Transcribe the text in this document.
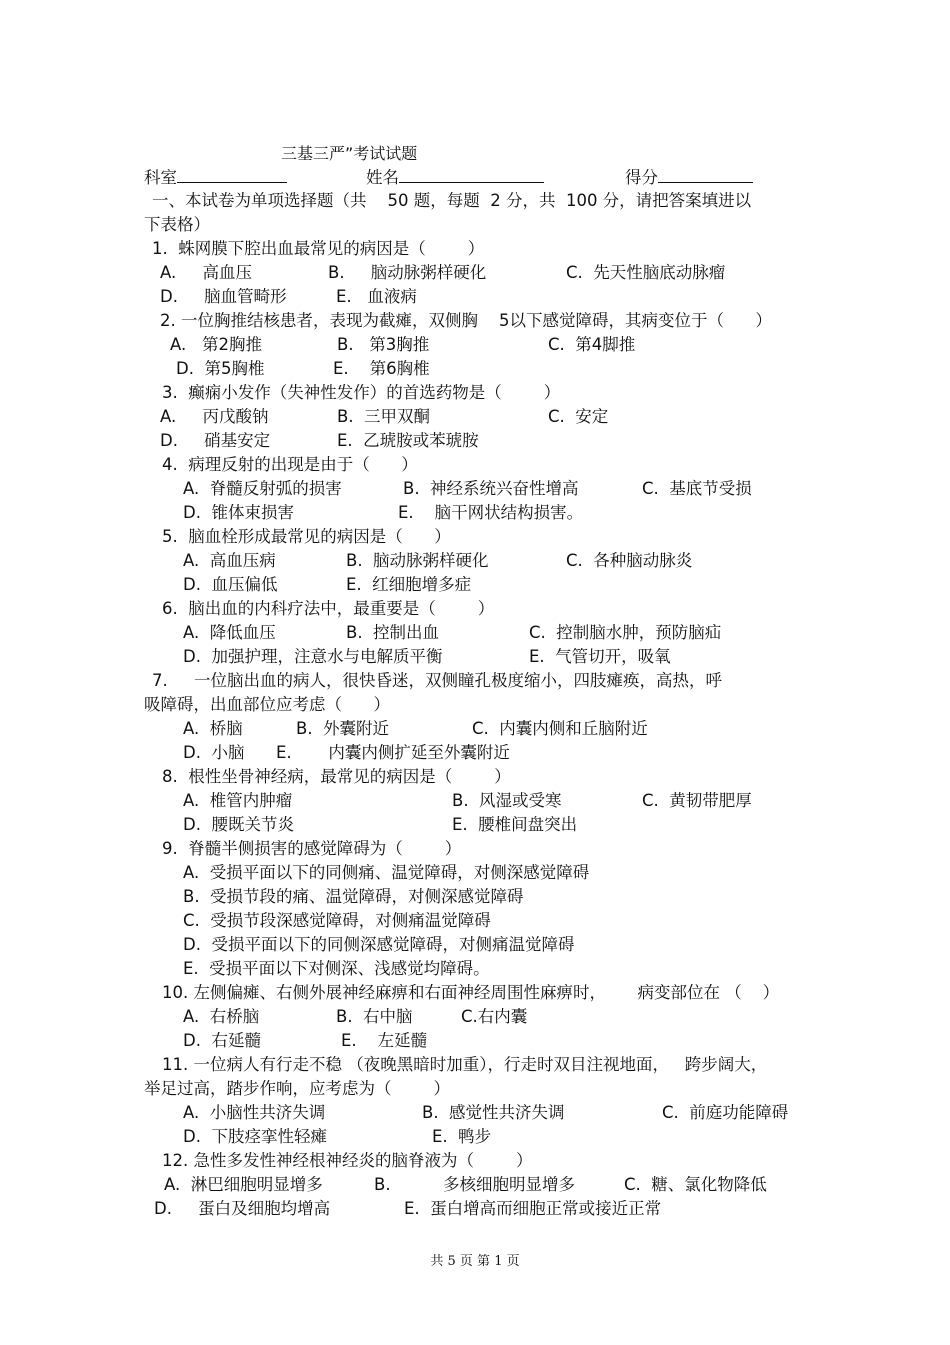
三基三严”考试试题
科室	姓名	得分
一、本试卷为单项选择题（共    50 题，每题  2 分，共  100 分，请把答案填进以
下表格）
1.  蛛网膜下腔出血最常见的病因是（        ）
A.     高血压	B.     脑动脉粥样硬化	C.  先天性脑底动脉瘤
D.     脑血管畸形	E.   血液病
2. 一位胸推结核患者，表现为截瘫，双侧胸    5以下感觉障碍，其病变位于（      ）
A.   第2胸推	B.   第3胸推	C.  第4脚推
D.  第5胸椎	E.    第6胸椎
3.  癫痫小发作（失神性发作）的首选药物是（        ）
A.     丙戊酸钠	B.  三甲双酮	C.  安定
D.     硝基安定	E.  乙琥胺或苯琥胺
4.  病理反射的出现是由于（      ）
A.  脊髓反射弧的损害	B.  神经系统兴奋性增高	C.  基底节受损
D.  锥体束损害	E.    脑干网状结构损害。
5.  脑血栓形成最常见的病因是（      ）
A.  高血压病	B.  脑动脉粥样硬化	C.  各种脑动脉炎
D.  血压偏低	E.  红细胞增多症
6.  脑出血的内科疗法中，最重要是（        ）
A.  降低血压	B.  控制出血	C.  控制脑水肿，预防脑疝
D.  加强护理，注意水与电解质平衡	E.  气管切开，吸氧
7.     一位脑出血的病人，很快昏迷，双侧瞳孔极度缩小，四肢瘫痪，高热，呼
吸障碍，出血部位应考虑（      ）
A.  桥脑	B.  外囊附近	C.  内囊内侧和丘脑附近
D.  小脑 E.       内囊内侧扩延至外囊附近
8.  根性坐骨神经病，最常见的病因是（        ）
A.  椎管内肿瘤	B.  风湿或受寒	C.  黄韧带肥厚
D.  腰既关节炎	E.  腰椎间盘突出
9.  脊髓半侧损害的感觉障碍为（        ）
A.  受损平面以下的同侧痛、温觉障碍，对侧深感觉障碍
B.  受损节段的痛、温觉障碍，对侧深感觉障碍
C.  受损节段深感觉障碍，对侧痛温觉障碍
D.  受损平面以下的同侧深感觉障碍，对侧痛温觉障碍
E.  受损平面以下对侧深、浅感觉均障碍。
10. 左侧偏瘫、右侧外展神经麻痹和右面神经周围性麻痹时，      病变部位在 （    ）
A.  右桥脑	B.  右中脑	C.右内囊
D.  右延髓	E.    左延髓
11. 一位病人有行走不稳 （夜晚黑暗时加重），行走时双目注视地面，   跨步阔大，
举足过高，踏步作响，应考虑为（        ）
A.  小脑性共济失调	B.  感觉性共济失调	C.  前庭功能障碍
D.  下肢痉挛性轻瘫	E.  鸭步
12. 急性多发性神经根神经炎的脑脊液为（        ）
A.  淋巴细胞明显增多	B.          多核细胞明显增多	C.  糖、氯化物降低
D.     蛋白及细胞均增高	E.  蛋白增高而细胞正常或接近正常
共 5 页 第 1 页
